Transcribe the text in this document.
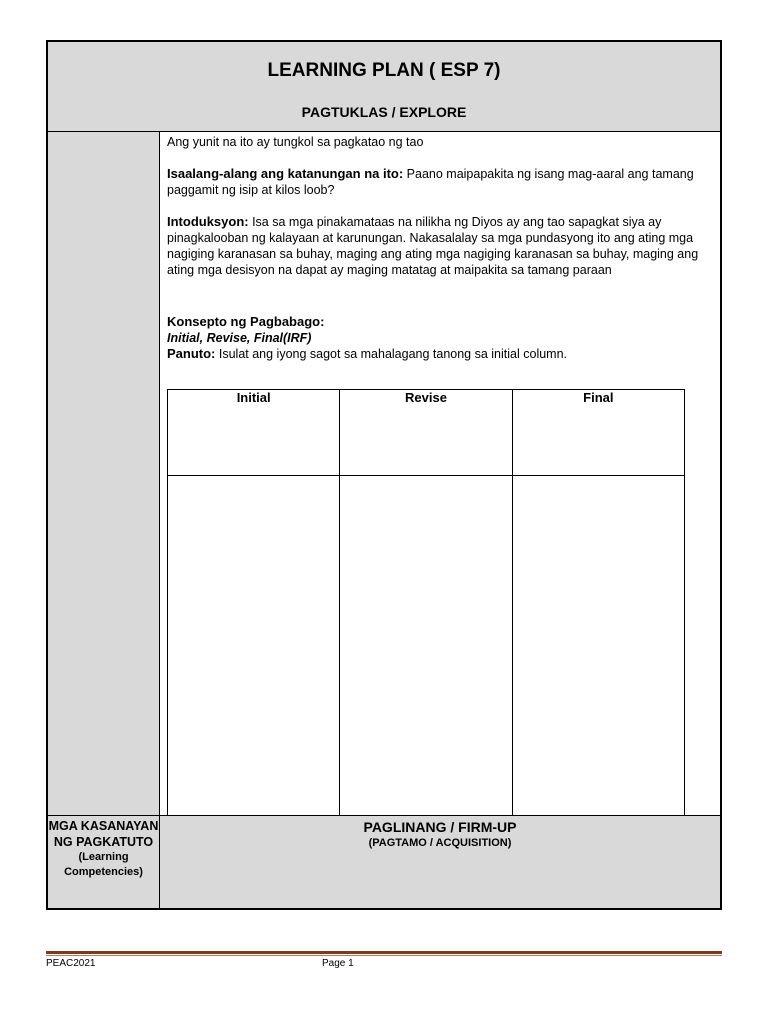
LEARNING PLAN ( ESP 7)
PAGTUKLAS / EXPLORE

Ang yunit na ito ay tungkol sa pagkatao ng tao

Isaalang-alang ang katanungan na ito: Paano maipapakita ng isang mag-aaral ang tamang paggamit ng isip at kilos loob?

Intoduksyon: Isa sa mga pinakamataas na nilikha ng Diyos ay ang tao sapagkat siya ay pinagkalooban ng kalayaan at karunungan. Nakasalalay sa mga pundasyong ito ang ating mga nagiging karanasan sa buhay, maging ang ating mga nagiging karanasan sa buhay, maging ang ating mga desisyon na dapat ay maging matatag at maipakita sa tamang paraan

Konsepto ng Pagbabago:

Initial, Revise, Final(IRF)

Panuto: Isulat ang iyong sagot sa mahalagang tanong sa initial column.

Initial	Revise	Final

MGA KASANAYAN NG PAGKATUTO
(Learning Competencies)
PAGLINANG / FIRM-UP
(PAGTAMO / ACQUISITION)
PEAC2021	Page 1
